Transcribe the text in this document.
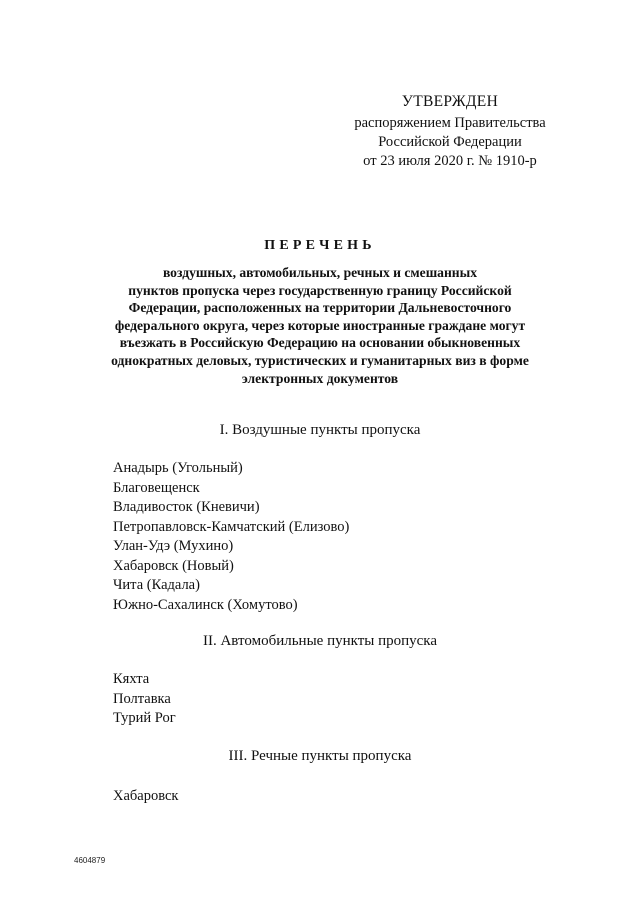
УТВЕРЖДЕН
распоряжением Правительства
Российской Федерации
от 23 июля 2020 г. № 1910-р
ПЕРЕЧЕНЬ
воздушных, автомобильных, речных и смешанных
пунктов пропуска через государственную границу Российской
Федерации, расположенных на территории Дальневосточного
федерального округа, через которые иностранные граждане могут
въезжать в Российскую Федерацию на основании обыкновенных
однократных деловых, туристических и гуманитарных виз в форме
электронных документов
I. Воздушные пункты пропуска
Анадырь (Угольный)
Благовещенск
Владивосток (Кневичи)
Петропавловск-Камчатский (Елизово)
Улан-Удэ (Мухино)
Хабаровск (Новый)
Чита (Кадала)
Южно-Сахалинск (Хомутово)
II. Автомобильные пункты пропуска
Кяхта
Полтавка
Турий Рог
III. Речные пункты пропуска
Хабаровск
4604879
